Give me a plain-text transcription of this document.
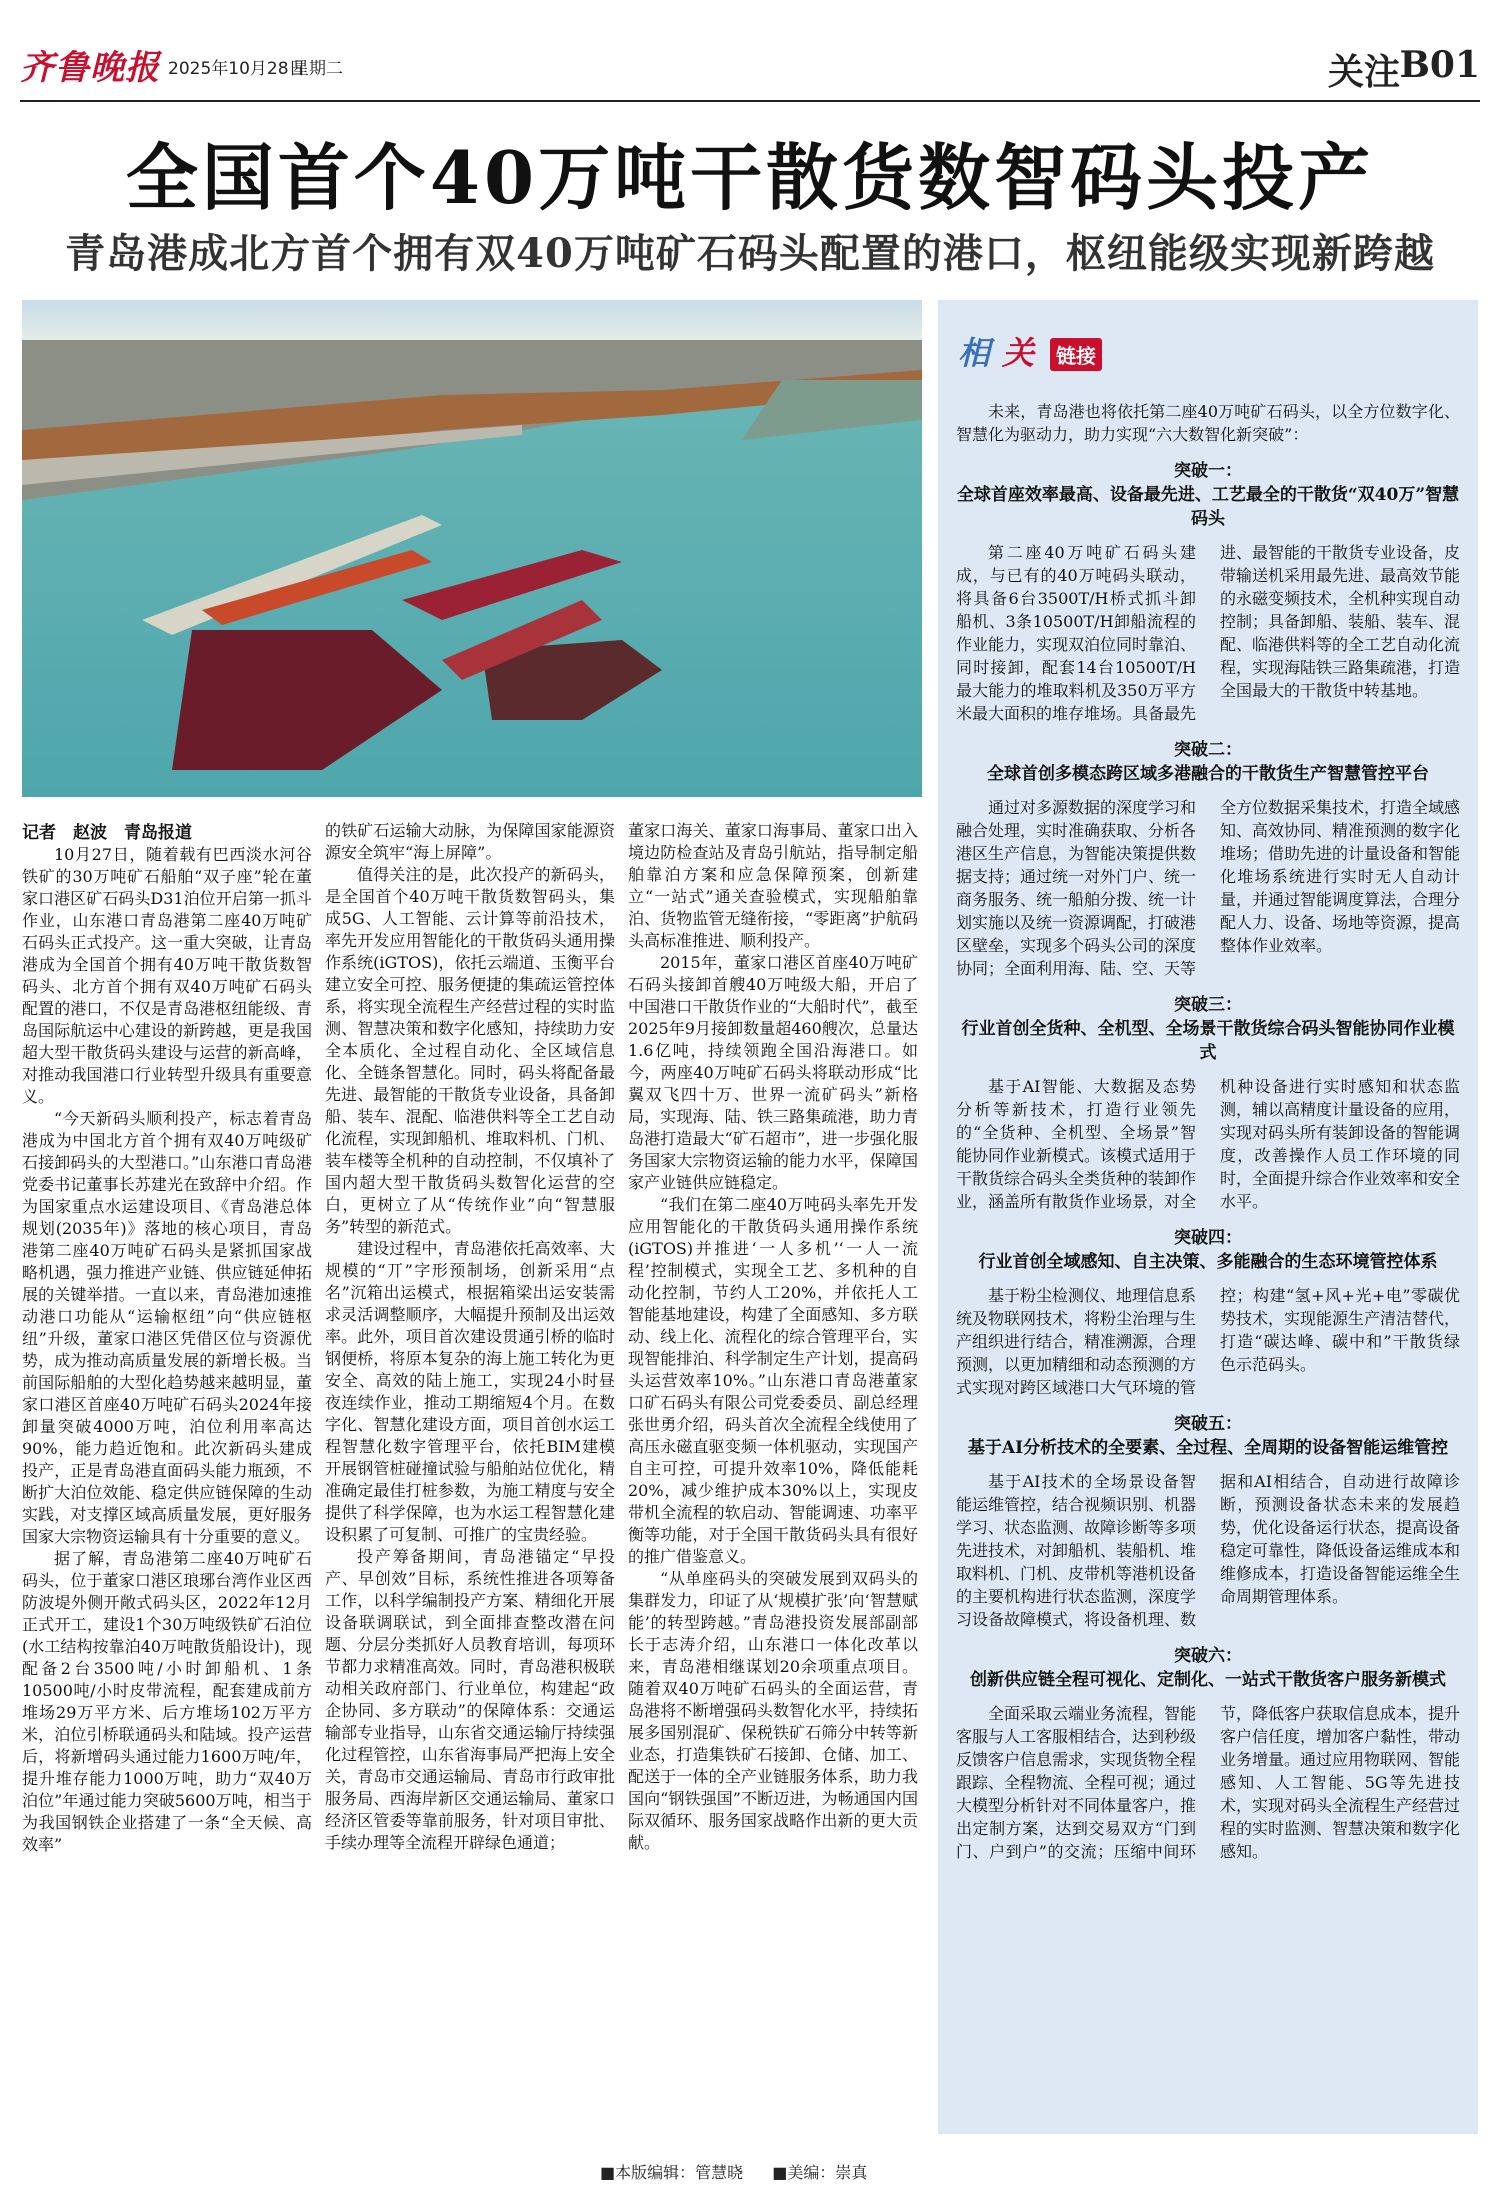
齐鲁晚报 2025年10月28日
星期二	关注 B01
全国首个40万吨干散货数智码头投产
青岛港成北方首个拥有双40万吨矿石码头配置的港口，枢纽能级实现新跨越
记者　赵波　青岛报道

10月27日，随着载有巴西淡水河谷铁矿的30万吨矿石船舶“双子座”轮在董家口港区矿石码头D31泊位开启第一抓斗作业，山东港口青岛港第二座40万吨矿石码头正式投产。这一重大突破，让青岛港成为全国首个拥有40万吨干散货数智码头、北方首个拥有双40万吨矿石码头配置的港口，不仅是青岛港枢纽能级、青岛国际航运中心建设的新跨越，更是我国超大型干散货码头建设与运营的新高峰，对推动我国港口行业转型升级具有重要意义。

“今天新码头顺利投产，标志着青岛港成为中国北方首个拥有双40万吨级矿石接卸码头的大型港口。”山东港口青岛港党委书记董事长苏建光在致辞中介绍。作为国家重点水运建设项目、《青岛港总体规划(2035年)》落地的核心项目，青岛港第二座40万吨矿石码头是紧抓国家战略机遇，强力推进产业链、供应链延伸拓展的关键举措。一直以来，青岛港加速推动港口功能从“运输枢纽”向“供应链枢纽”升级，董家口港区凭借区位与资源优势，成为推动高质量发展的新增长极。当前国际船舶的大型化趋势越来越明显，董家口港区首座40万吨矿石码头2024年接卸量突破4000万吨，泊位利用率高达90%，能力趋近饱和。此次新码头建成投产，正是青岛港直面码头能力瓶颈，不断扩大泊位效能、稳定供应链保障的生动实践，对支撑区域高质量发展，更好服务国家大宗物资运输具有十分重要的意义。

据了解，青岛港第二座40万吨矿石码头，位于董家口港区琅琊台湾作业区西防波堤外侧开敞式码头区，2022年12月正式开工，建设1个30万吨级铁矿石泊位(水工结构按靠泊40万吨散货船设计)，现配备2台3500吨/小时卸船机、1条10500吨/小时皮带流程，配套建成前方堆场29万平方米、后方堆场102万平方米，泊位引桥联通码头和陆域。投产运营后，将新增码头通过能力1600万吨/年，提升堆存能力1000万吨，助力“双40万泊位”年通过能力突破5600万吨，相当于为我国钢铁企业搭建了一条“全天候、高效率”

的铁矿石运输大动脉，为保障国家能源资源安全筑牢“海上屏障”。

值得关注的是，此次投产的新码头，是全国首个40万吨干散货数智码头，集成5G、人工智能、云计算等前沿技术，率先开发应用智能化的干散货码头通用操作系统(iGTOS)，依托云端道、玉衡平台建立安全可控、服务便捷的集疏运管控体系，将实现全流程生产经营过程的实时监测、智慧决策和数字化感知，持续助力安全本质化、全过程自动化、全区域信息化、全链条智慧化。同时，码头将配备最先进、最智能的干散货专业设备，具备卸船、装车、混配、临港供料等全工艺自动化流程，实现卸船机、堆取料机、门机、装车楼等全机种的自动控制，不仅填补了国内超大型干散货码头数智化运营的空白，更树立了从“传统作业”向“智慧服务”转型的新范式。

建设过程中，青岛港依托高效率、大规模的“丌”字形预制场，创新采用“点名”沉箱出运模式，根据箱梁出运安装需求灵活调整顺序，大幅提升预制及出运效率。此外，项目首次建设贯通引桥的临时钢便桥，将原本复杂的海上施工转化为更安全、高效的陆上施工，实现24小时昼夜连续作业，推动工期缩短4个月。在数字化、智慧化建设方面，项目首创水运工程智慧化数字管理平台，依托BIM建模开展钢管桩碰撞试验与船舶站位优化，精准确定最佳打桩参数，为施工精度与安全提供了科学保障，也为水运工程智慧化建设积累了可复制、可推广的宝贵经验。

投产筹备期间，青岛港锚定“早投产、早创效”目标，系统性推进各项筹备工作，以科学编制投产方案、精细化开展设备联调联试，到全面排查整改潜在问题、分层分类抓好人员教育培训，每项环节都力求精准高效。同时，青岛港积极联动相关政府部门、行业单位，构建起“政企协同、多方联动”的保障体系：交通运输部专业指导，山东省交通运输厅持续强化过程管控，山东省海事局严把海上安全关，青岛市交通运输局、青岛市行政审批服务局、西海岸新区交通运输局、董家口经济区管委等靠前服务，针对项目审批、手续办理等全流程开辟绿色通道；

董家口海关、董家口海事局、董家口出入境边防检查站及青岛引航站，指导制定船舶靠泊方案和应急保障预案，创新建立“一站式”通关查验模式，实现船舶靠泊、货物监管无缝衔接，“零距离”护航码头高标准推进、顺利投产。

2015年，董家口港区首座40万吨矿石码头接卸首艘40万吨级大船，开启了中国港口干散货作业的“大船时代”，截至2025年9月接卸数量超460艘次，总量达1.6亿吨，持续领跑全国沿海港口。如今，两座40万吨矿石码头将联动形成“比翼双飞四十万、世界一流矿码头”新格局，实现海、陆、铁三路集疏港，助力青岛港打造最大“矿石超市”，进一步强化服务国家大宗物资运输的能力水平，保障国家产业链供应链稳定。

“我们在第二座40万吨码头率先开发应用智能化的干散货码头通用操作系统(iGTOS)并推进‘一人多机’‘一人一流程’控制模式，实现全工艺、多机种的自动化控制，节约人工20%，并依托人工智能基地建设，构建了全面感知、多方联动、线上化、流程化的综合管理平台，实现智能排泊、科学制定生产计划，提高码头运营效率10%。”山东港口青岛港董家口矿石码头有限公司党委委员、副总经理张世勇介绍，码头首次全流程全线使用了高压永磁直驱变频一体机驱动，实现国产自主可控，可提升效率10%，降低能耗20%，减少维护成本30%以上，实现皮带机全流程的软启动、智能调速、功率平衡等功能，对于全国干散货码头具有很好的推广借鉴意义。

“从单座码头的突破发展到双码头的集群发力，印证了从‘规模扩张’向‘智慧赋能’的转型跨越。”青岛港投资发展部副部长于志涛介绍，山东港口一体化改革以来，青岛港相继谋划20余项重点项目。随着双40万吨矿石码头的全面运营，青岛港将不断增强码头数智化水平，持续拓展多国别混矿、保税铁矿石筛分中转等新业态，打造集铁矿石接卸、仓储、加工、配送于一体的全产业链服务体系，助力我国向“钢铁强国”不断迈进，为畅通国内国际双循环、服务国家战略作出新的更大贡献。

相 关	链接

未来，青岛港也将依托第二座40万吨矿石码头，以全方位数字化、智慧化为驱动力，助力实现“六大数智化新突破”：

突破一：
全球首座效率最高、设备最先进、工艺最全的干散货“双40万”智慧码头

第二座40万吨矿石码头建成，与已有的40万吨码头联动，将具备6台3500T/H桥式抓斗卸船机、3条10500T/H卸船流程的作业能力，实现双泊位同时靠泊、同时接卸，配套14台10500T/H最大能力的堆取料机及350万平方米最大面积的堆存堆场。具备最先进、最智能的干散货专业设备，皮带输送机采用最先进、最高效节能的永磁变频技术，全机种实现自动控制；具备卸船、装船、装车、混配、临港供料等的全工艺自动化流程，实现海陆铁三路集疏港，打造全国最大的干散货中转基地。

突破二：
全球首创多模态跨区域多港融合的干散货生产智慧管控平台

通过对多源数据的深度学习和融合处理，实时准确获取、分析各港区生产信息，为智能决策提供数据支持；通过统一对外门户、统一商务服务、统一船舶分拨、统一计划实施以及统一资源调配，打破港区壁垒，实现多个码头公司的深度协同；全面利用海、陆、空、天等全方位数据采集技术，打造全域感知、高效协同、精准预测的数字化堆场；借助先进的计量设备和智能化堆场系统进行实时无人自动计量，并通过智能调度算法，合理分配人力、设备、场地等资源，提高整体作业效率。

突破三：
行业首创全货种、全机型、全场景干散货综合码头智能协同作业模式

基于AI智能、大数据及态势分析等新技术，打造行业领先的“全货种、全机型、全场景”智能协同作业新模式。该模式适用于干散货综合码头全类货种的装卸作业，涵盖所有散货作业场景，对全机种设备进行实时感知和状态监测，辅以高精度计量设备的应用，实现对码头所有装卸设备的智能调度，改善操作人员工作环境的同时，全面提升综合作业效率和安全水平。

突破四：
行业首创全域感知、自主决策、多能融合的生态环境管控体系

基于粉尘检测仪、地理信息系统及物联网技术，将粉尘治理与生产组织进行结合，精准溯源，合理预测，以更加精细和动态预测的方式实现对跨区域港口大气环境的管控；构建“氢+风+光+电”零碳优势技术，实现能源生产清洁替代，打造“碳达峰、碳中和”干散货绿色示范码头。

突破五：
基于AI分析技术的全要素、全过程、全周期的设备智能运维管控

基于AI技术的全场景设备智能运维管控，结合视频识别、机器学习、状态监测、故障诊断等多项先进技术，对卸船机、装船机、堆取料机、门机、皮带机等港机设备的主要机构进行状态监测，深度学习设备故障模式，将设备机理、数据和AI相结合，自动进行故障诊断，预测设备状态未来的发展趋势，优化设备运行状态，提高设备稳定可靠性，降低设备运维成本和维修成本，打造设备智能运维全生命周期管理体系。

突破六：
创新供应链全程可视化、定制化、一站式干散货客户服务新模式

全面采取云端业务流程，智能客服与人工客服相结合，达到秒级反馈客户信息需求，实现货物全程跟踪、全程物流、全程可视；通过大模型分析针对不同体量客户，推出定制方案，达到交易双方“门到门、户到户”的交流；压缩中间环节，降低客户获取信息成本，提升客户信任度，增加客户黏性，带动业务增量。通过应用物联网、智能感知、人工智能、5G等先进技术，实现对码头全流程生产经营过程的实时监测、智慧决策和数字化感知。

■本版编辑：管慧晓 ■美编：崇真
